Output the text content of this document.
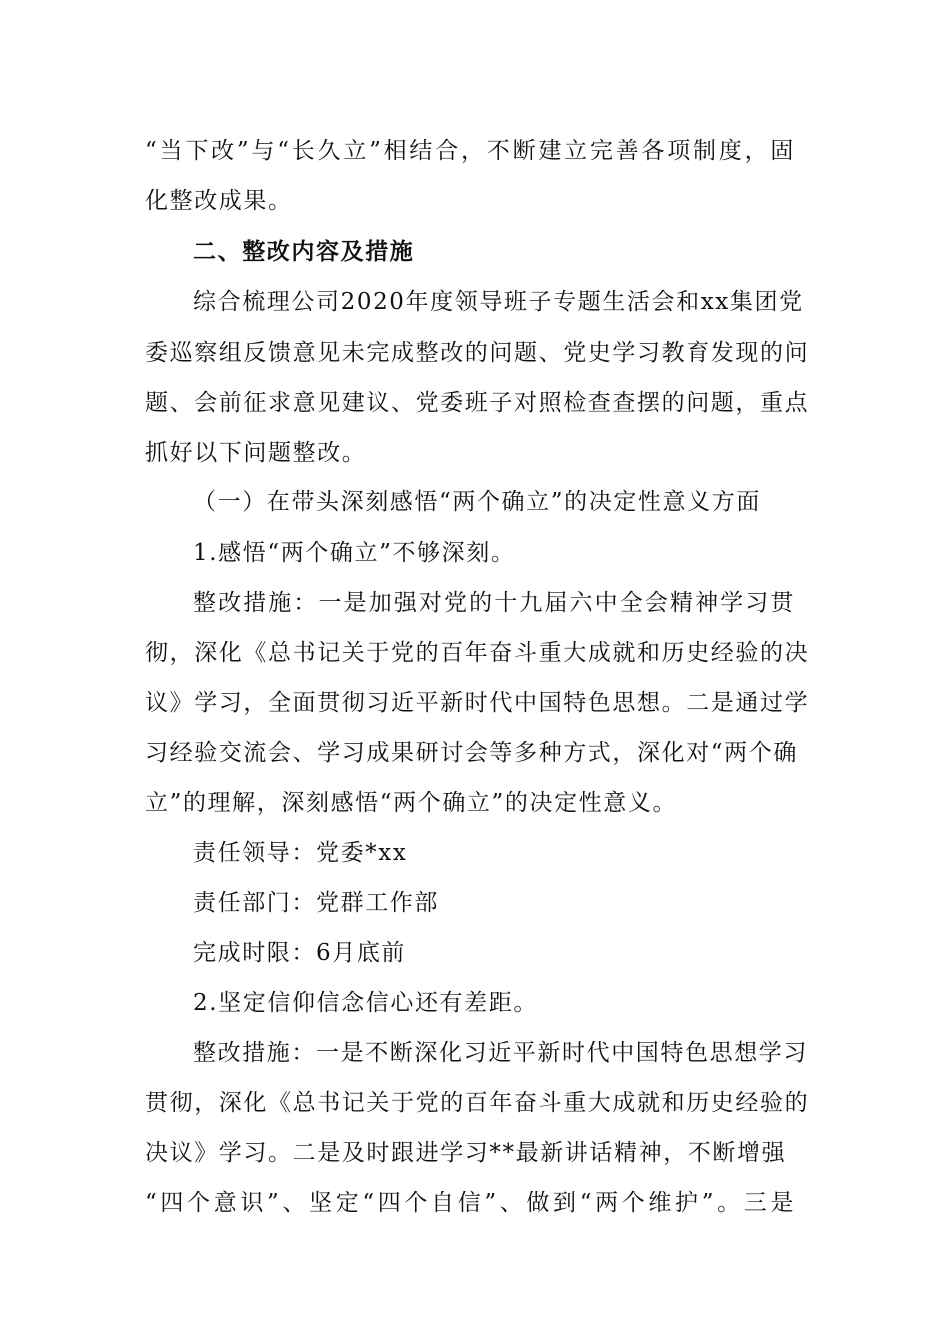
“当下改”与“长久立”相结合，不断建立完善各项制度，固
化整改成果。
二、整改内容及措施
综合梳理公司2020年度领导班子专题生活会和xx集团党
委巡察组反馈意见未完成整改的问题、党史学习教育发现的问
题、会前征求意见建议、党委班子对照检查查摆的问题，重点
抓好以下问题整改。
（一）在带头深刻感悟“两个确立”的决定性意义方面
1.感悟“两个确立”不够深刻。
整改措施：一是加强对党的十九届六中全会精神学习贯
彻，深化《总书记关于党的百年奋斗重大成就和历史经验的决
议》学习，全面贯彻习近平新时代中国特色思想。二是通过学
习经验交流会、学习成果研讨会等多种方式，深化对“两个确
立”的理解，深刻感悟“两个确立”的决定性意义。
责任领导：党委*xx
责任部门：党群工作部
完成时限：6月底前
2.坚定信仰信念信心还有差距。
整改措施：一是不断深化习近平新时代中国特色思想学习
贯彻，深化《总书记关于党的百年奋斗重大成就和历史经验的
决议》学习。二是及时跟进学习**最新讲话精神，不断增强
“四个意识”、坚定“四个自信”、做到“两个维护”。三是
